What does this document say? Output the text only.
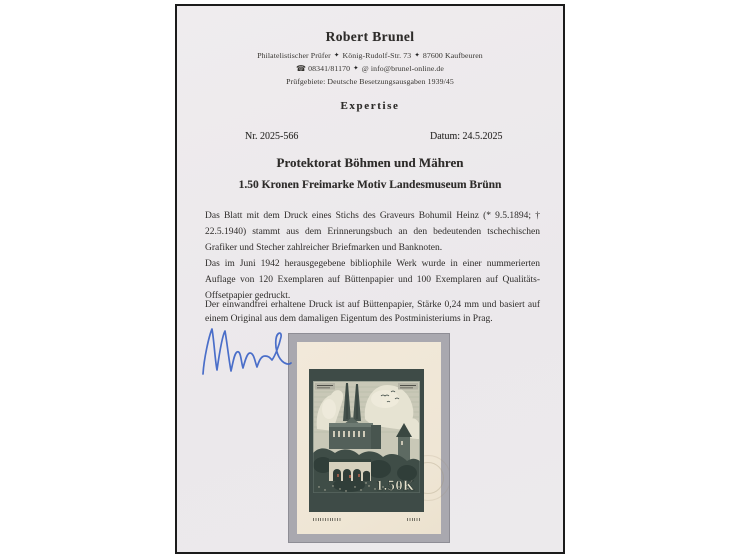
Robert Brunel
Philatelistischer Prüfer ✦ König-Rudolf-Str. 73 ✦ 87600 Kaufbeuren
☎ 08341/81170 ✦ @ info@brunel-online.de
Prüfgebiete: Deutsche Besetzungsausgaben 1939/45
Expertise
Nr. 2025-566	Datum: 24.5.2025
Protektorat Böhmen und Mähren
1.50 Kronen Freimarke Motiv Landesmuseum Brünn
Das Blatt mit dem Druck eines Stichs des Graveurs Bohumil Heinz (* 9.5.1894; † 22.5.1940) stammt aus dem Erinnerungsbuch an den bedeutenden tschechischen Grafiker und Stecher zahlreicher Briefmarken und Banknoten.
Das im Juni 1942 herausgegebene bibliophile Werk wurde in einer nummerierten Auflage von 120 Exemplaren auf Büttenpapier und 100 Exemplaren auf Qualitäts-Offsetpapier gedruckt.
Der einwandfrei erhaltene Druck ist auf Büttenpapier, Stärke 0,24 mm und basiert auf einem Original aus dem damaligen Eigentum des Postministeriums in Prag.
1.50K
